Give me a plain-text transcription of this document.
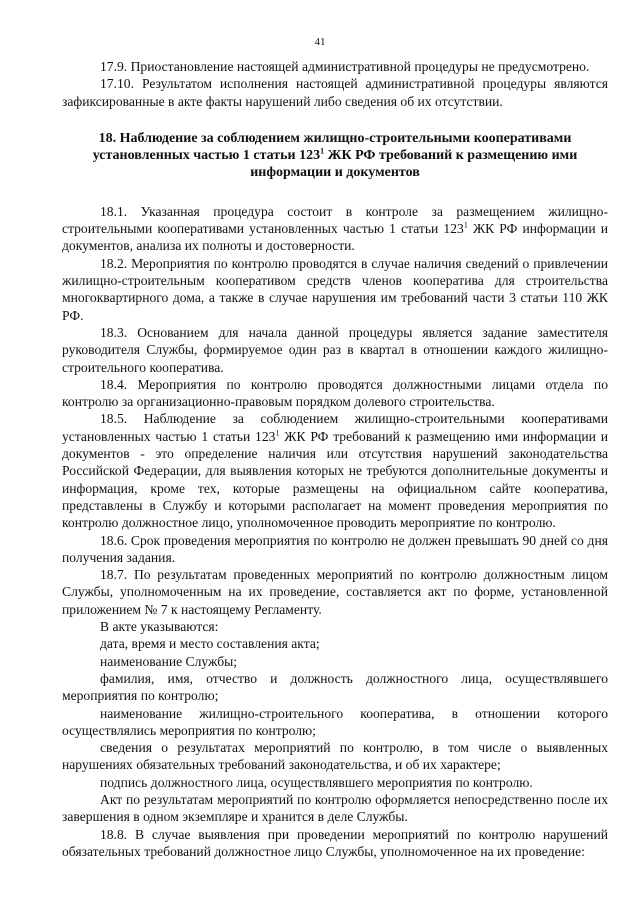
41

17.9. Приостановление настоящей административной процедуры не предусмотрено.

17.10. Результатом исполнения настоящей административной процедуры являются зафиксированные в акте факты нарушений либо сведения об их отсутствии.

18. Наблюдение за соблюдением жилищно-строительными кооперативами
установленных частью 1 статьи $123^1$ ЖК РФ требований к размещению ими
информации и документов

18.1. Указанная процедура состоит в контроле за размещением жилищно-строительными кооперативами установленных частью 1 статьи $123^1$ ЖК РФ информации и документов, анализа их полноты и достоверности.

18.2. Мероприятия по контролю проводятся в случае наличия сведений о привлечении жилищно-строительным кооперативом средств членов кооператива для строительства многоквартирного дома, а также в случае нарушения им требований части 3 статьи 110 ЖК РФ.

18.3. Основанием для начала данной процедуры является задание заместителя руководителя Службы, формируемое один раз в квартал в отношении каждого жилищно-строительного кооператива.

18.4. Мероприятия по контролю проводятся должностными лицами отдела по контролю за организационно-правовым порядком долевого строительства.

18.5. Наблюдение за соблюдением жилищно-строительными кооперативами установленных частью 1 статьи $123^1$ ЖК РФ требований к размещению ими информации и документов - это определение наличия или отсутствия нарушений законодательства Российской Федерации, для выявления которых не требуются дополнительные документы и информация, кроме тех, которые размещены на официальном сайте кооператива, представлены в Службу и которыми располагает на момент проведения мероприятия по контролю должностное лицо, уполномоченное проводить мероприятие по контролю.

18.6. Срок проведения мероприятия по контролю не должен превышать 90 дней со дня получения задания.

18.7. По результатам проведенных мероприятий по контролю должностным лицом Службы, уполномоченным на их проведение, составляется акт по форме, установленной приложением № 7 к настоящему Регламенту.

В акте указываются:

дата, время и место составления акта;

наименование Службы;

фамилия, имя, отчество и должность должностного лица, осуществлявшего мероприятия по контролю;

наименование жилищно-строительного кооператива, в отношении которого осуществлялись мероприятия по контролю;

сведения о результатах мероприятий по контролю, в том числе о выявленных нарушениях обязательных требований законодательства, и об их характере;

подпись должностного лица, осуществлявшего мероприятия по контролю.

Акт по результатам мероприятий по контролю оформляется непосредственно после их завершения в одном экземпляре и хранится в деле Службы.

18.8. В случае выявления при проведении мероприятий по контролю нарушений обязательных требований должностное лицо Службы, уполномоченное на их проведение:
